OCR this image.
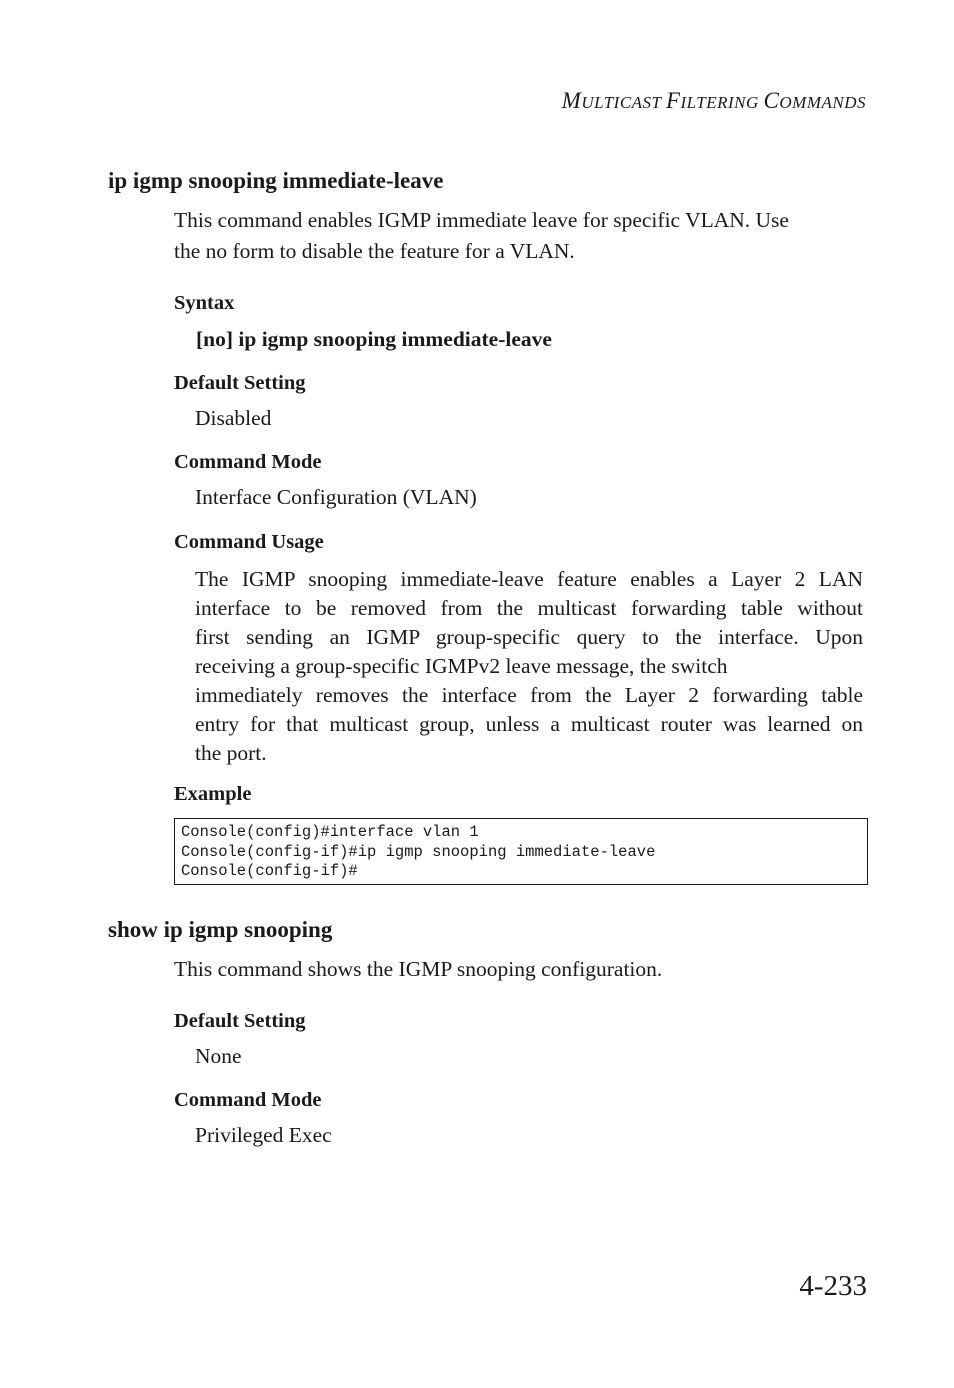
MULTICAST FILTERING COMMANDS
ip igmp snooping immediate-leave
This command enables IGMP immediate leave for specific VLAN. Use
the no form to disable the feature for a VLAN.
Syntax
[no] ip igmp snooping immediate-leave
Default Setting
Disabled
Command Mode
Interface Configuration (VLAN)
Command Usage
The IGMP snooping immediate-leave feature enables a Layer 2 LAN
interface to be removed from the multicast forwarding table without
first sending an IGMP group-specific query to the interface. Upon
receiving a group-specific IGMPv2 leave message, the switch
immediately removes the interface from the Layer 2 forwarding table
entry for that multicast group, unless a multicast router was learned on
the port.
Example
Console(config)#interface vlan 1
Console(config-if)#ip igmp snooping immediate-leave
Console(config-if)#
show ip igmp snooping
This command shows the IGMP snooping configuration.
Default Setting
None
Command Mode
Privileged Exec
4-233
